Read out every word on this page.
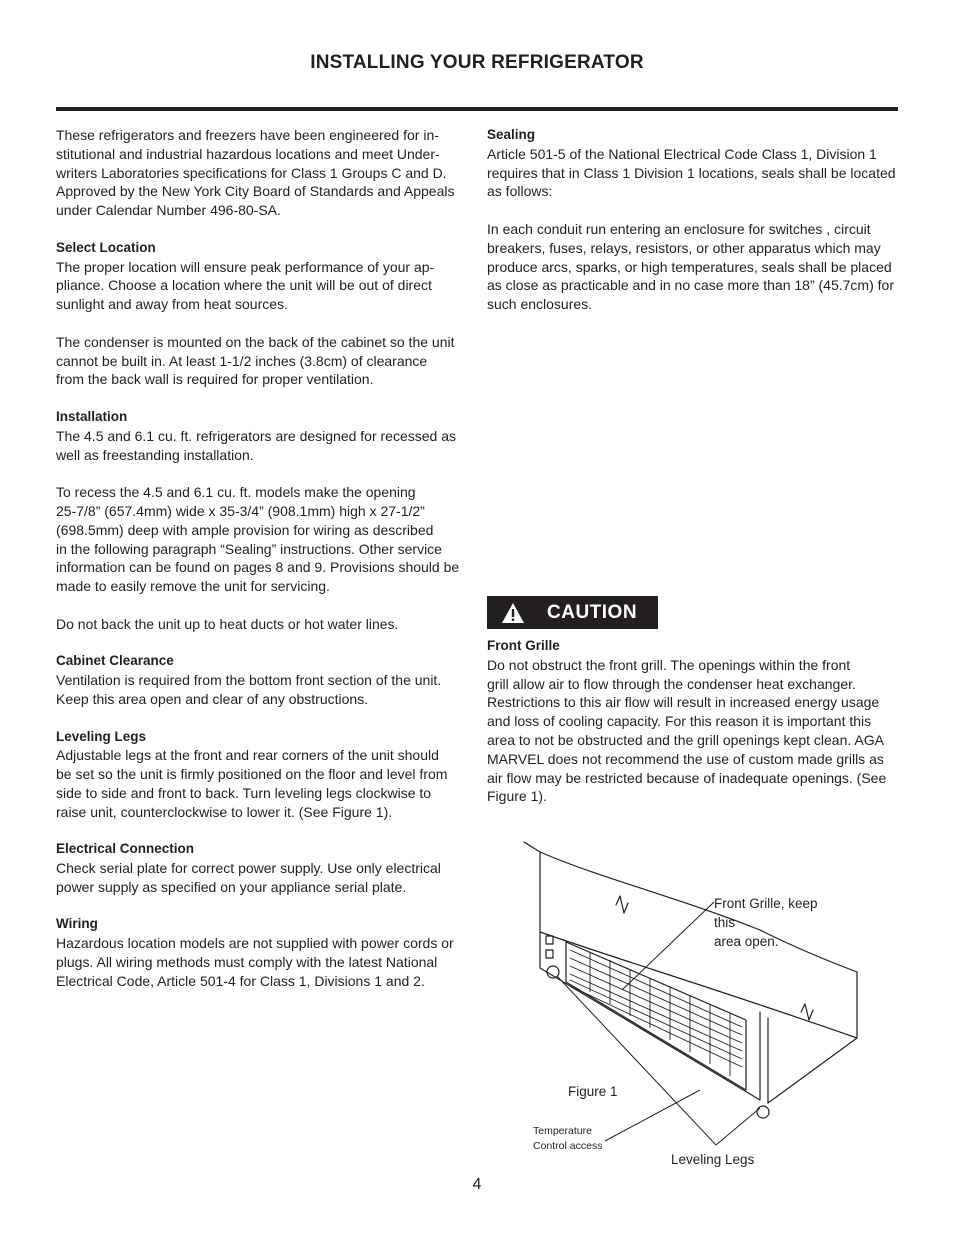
INSTALLING YOUR REFRIGERATOR

These refrigerators and freezers have been engineered for in-
stitutional and industrial hazardous locations and meet Under-
writers Laboratories specifications for Class 1 Groups C and D.
Approved by the New York City Board of Standards and Appeals
under Calendar Number 496-80-SA.

Select Location

The proper location will ensure peak performance of your ap-
pliance. Choose a location where the unit will be out of direct
sunlight and away from heat sources.

The condenser is mounted on the back of the cabinet so the unit
cannot be built in. At least 1-1/2 inches (3.8cm) of clearance
from the back wall is required for proper ventilation.

Installation

The 4.5 and 6.1 cu. ft. refrigerators are designed for recessed as
well as freestanding installation.

To recess the 4.5 and 6.1 cu. ft. models make the opening
25-7/8” (657.4mm) wide x 35-3/4” (908.1mm) high x 27-1/2”
(698.5mm) deep with ample provision for wiring as described
in the following paragraph “Sealing” instructions. Other service
information can be found on pages 8 and 9. Provisions should be
made to easily remove the unit for servicing.

Do not back the unit up to heat ducts or hot water lines.

Cabinet Clearance

Ventilation is required from the bottom front section of the unit.
Keep this area open and clear of any obstructions.

Leveling Legs

Adjustable legs at the front and rear corners of the unit should
be set so the unit is firmly positioned on the floor and level from
side to side and front to back. Turn leveling legs clockwise to
raise unit, counterclockwise to lower it. (See Figure 1).

Electrical Connection

Check serial plate for correct power supply. Use only electrical
power supply as specified on your appliance serial plate.

Wiring

Hazardous location models are not supplied with power cords or
plugs. All wiring methods must comply with the latest National
Electrical Code, Article 501-4 for Class 1, Divisions 1 and 2.

Sealing

Article 501-5 of the National Electrical Code Class 1, Division 1
requires that in Class 1 Division 1 locations, seals shall be located
as follows:

In each conduit run entering an enclosure for switches , circuit
breakers, fuses, relays, resistors, or other apparatus which may
produce arcs, sparks, or high temperatures, seals shall be placed
as close as practicable and in no case more than 18” (45.7cm) for
such enclosures.

CAUTION
Front Grille

Do not obstruct the front grill. The openings within the front
grill allow air to flow through the condenser heat exchanger.
Restrictions to this air flow will result in increased energy usage
and loss of cooling capacity. For this reason it is important this
area to not be obstructed and the grill openings kept clean. AGA
MARVEL does not recommend the use of custom made grills as
air flow may be restricted because of inadequate openings. (See
Figure 1).

Front Grille, keep
this
area open.
Figure 1
Temperature
Control access
Leveling Legs
4
